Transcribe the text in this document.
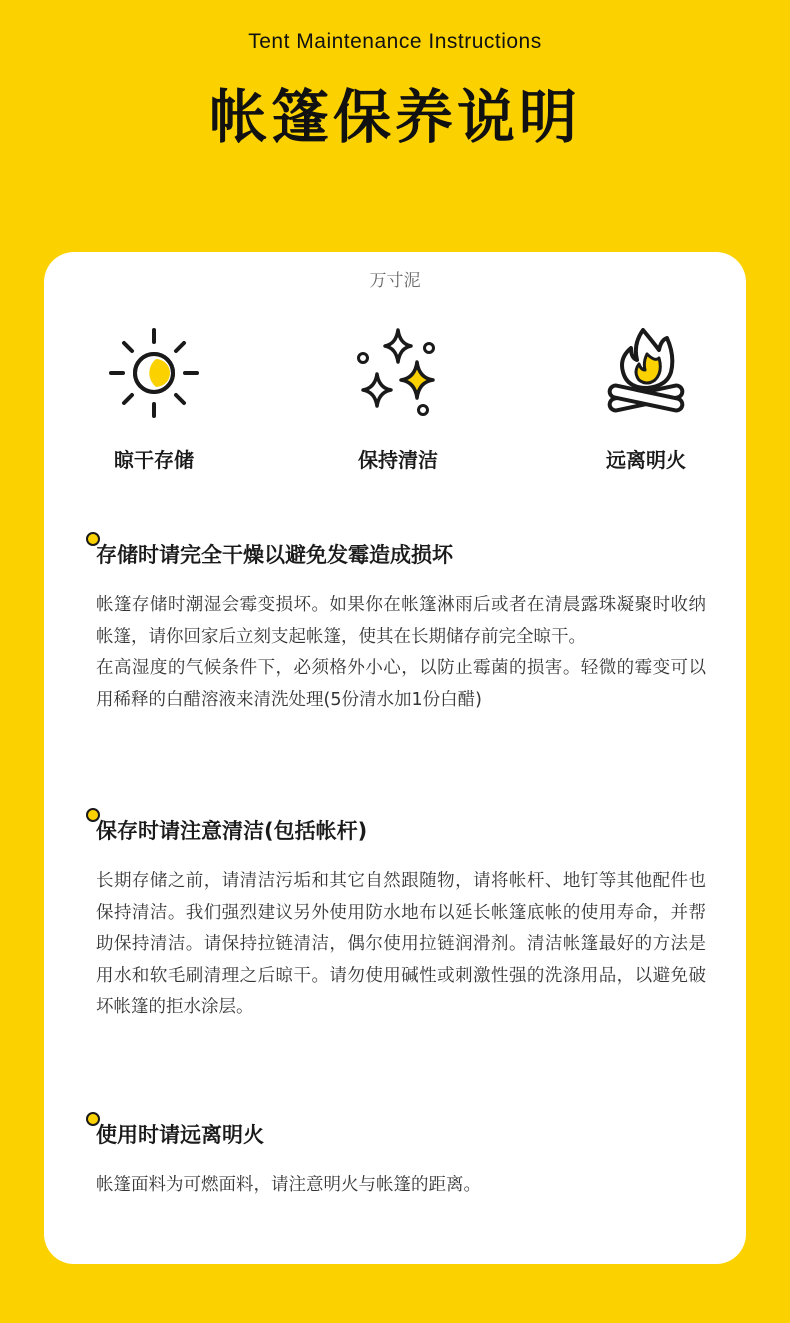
Tent Maintenance Instructions
帐篷保养说明
万寸泥
晾干存储	保持清洁	远离明火
存储时请完全干燥以避免发霉造成损坏

帐篷存储时潮湿会霉变损坏。如果你在帐篷淋雨后或者在清晨露珠凝聚时收纳帐篷，请你回家后立刻支起帐篷，使其在长期储存前完全晾干。

在高湿度的气候条件下，必须格外小心，以防止霉菌的损害。轻微的霉变可以用稀释的白醋溶液来清洗处理(5份清水加1份白醋)

保存时请注意清洁(包括帐杆)

长期存储之前，请清洁污垢和其它自然跟随物，请将帐杆、地钉等其他配件也保持清洁。我们强烈建议另外使用防水地布以延长帐篷底帐的使用寿命，并帮助保持清洁。请保持拉链清洁，偶尔使用拉链润滑剂。清洁帐篷最好的方法是用水和软毛刷清理之后晾干。请勿使用碱性或刺激性强的洗涤用品，以避免破坏帐篷的拒水涂层。

使用时请远离明火

帐篷面料为可燃面料，请注意明火与帐篷的距离。
